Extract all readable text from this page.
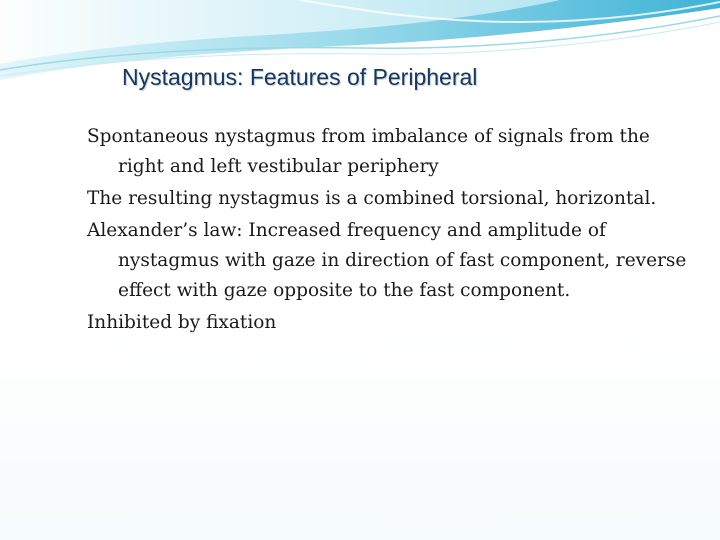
Nystagmus: Features of Peripheral
Spontaneous nystagmus from imbalance of signals from the right and left vestibular periphery
The resulting nystagmus is a combined torsional, horizontal.
Alexander’s law: Increased frequency and amplitude of nystagmus with gaze in direction of fast component, reverse effect with gaze opposite to the fast component.
Inhibited by fixation
